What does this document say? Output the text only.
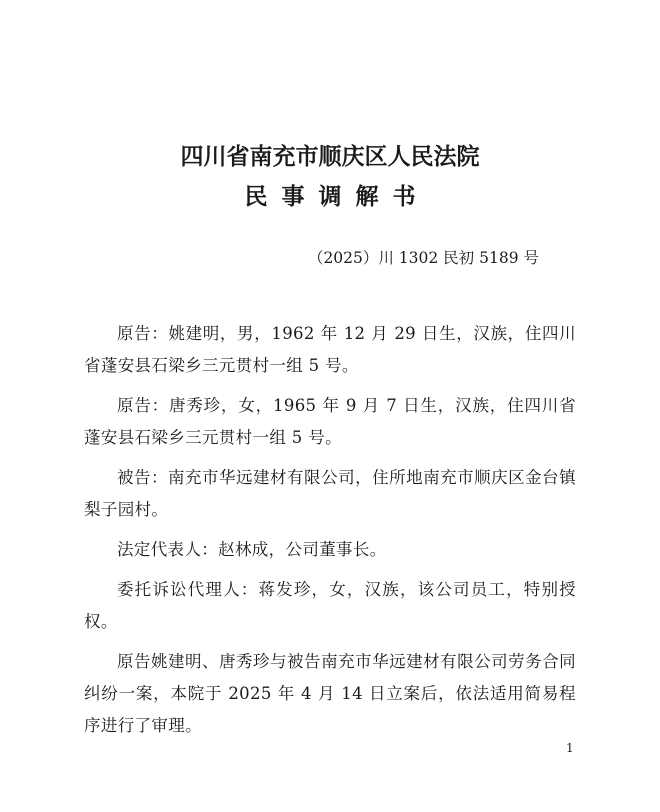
四川省南充市顺庆区人民法院
民事调解书
（2025）川 1302 民初 5189 号

原告：姚建明，男，1962 年 12 月 29 日生，汉族，住四川省蓬安县石梁乡三元贯村一组 5 号。

原告：唐秀珍，女，1965 年 9 月 7 日生，汉族，住四川省蓬安县石梁乡三元贯村一组 5 号。

被告：南充市华远建材有限公司，住所地南充市顺庆区金台镇梨子园村。

法定代表人：赵林成，公司董事长。

委托诉讼代理人：蒋发珍，女，汉族，该公司员工，特别授权。

原告姚建明、唐秀珍与被告南充市华远建材有限公司劳务合同纠纷一案，本院于 2025 年 4 月 14 日立案后，依法适用简易程序进行了审理。

1
